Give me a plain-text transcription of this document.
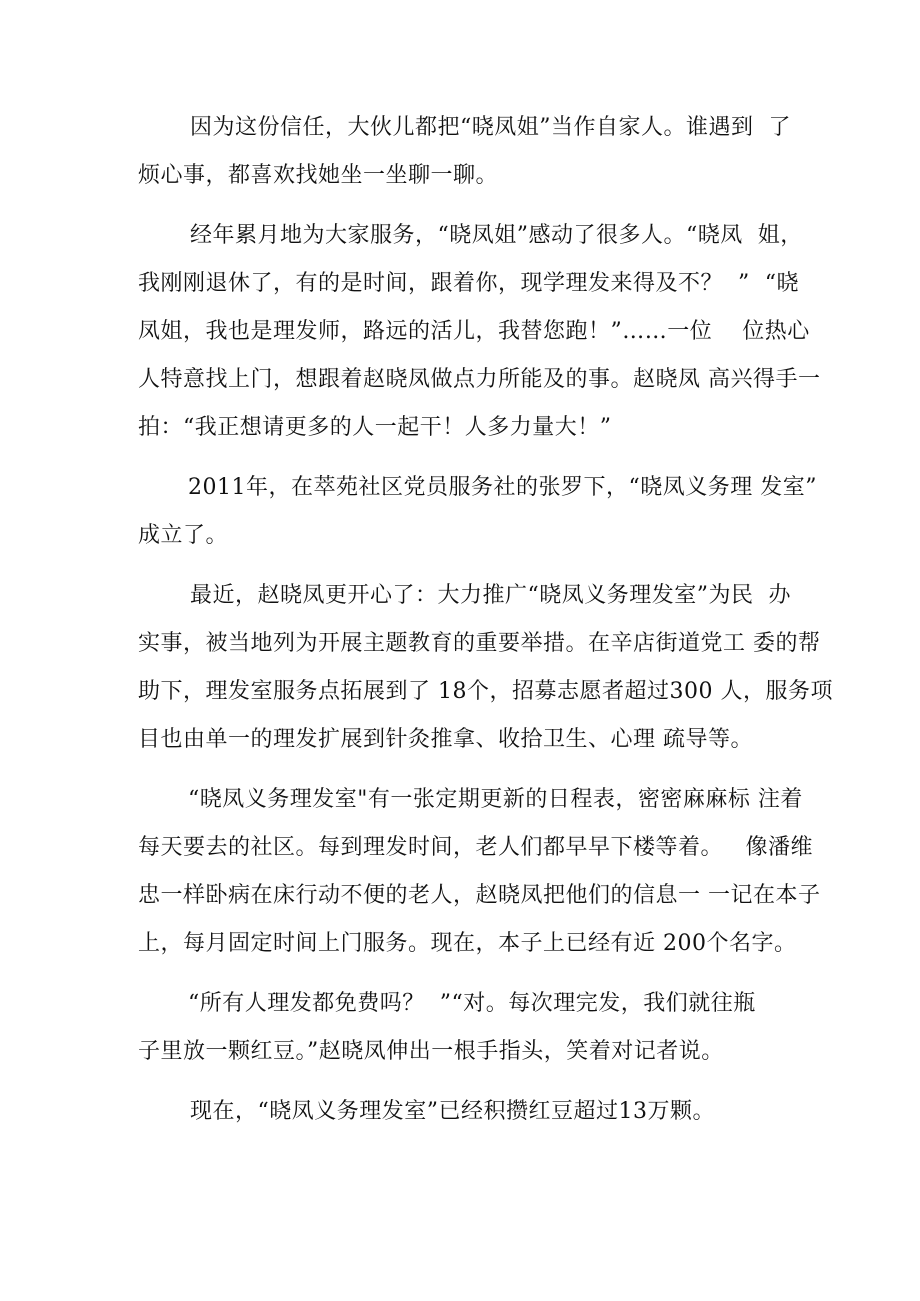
因为这份信任，大伙儿都把“晓凤姐”当作自家人。谁遇到  了
烦心事，都喜欢找她坐一坐聊一聊。
经年累月地为大家服务，“晓凤姐”感动了很多人。“晓凤  姐，
我刚刚退休了，有的是时间，跟着你，现学理发来得及不？  ”  “晓
凤姐，我也是理发师，路远的活儿，我替您跑！”……一位    位热心
人特意找上门，想跟着赵晓凤做点力所能及的事。赵晓凤 高兴得手一
拍：“我正想请更多的人一起干！人多力量大！”
2011年，在萃苑社区党员服务社的张罗下，“晓凤义务理 发室”
成立了。
最近，赵晓凤更开心了：大力推广“晓凤义务理发室”为民  办
实事，被当地列为开展主题教育的重要举措。在辛店街道党工 委的帮
助下，理发室服务点拓展到了 18个，招募志愿者超过300 人，服务项
目也由单一的理发扩展到针灸推拿、收拾卫生、心理 疏导等。
“晓凤义务理发室"有一张定期更新的日程表，密密麻麻标 注着
每天要去的社区。每到理发时间，老人们都早早下楼等着。   像潘维
忠一样卧病在床行动不便的老人，赵晓凤把他们的信息一 一记在本子
上，每月固定时间上门服务。现在，本子上已经有近 200个名字。
“所有人理发都免费吗？  ”“对。每次理完发，我们就往瓶
子里放一颗红豆。”赵晓凤伸出一根手指头，笑着对记者说。
现在，“晓凤义务理发室”已经积攒红豆超过13万颗。
